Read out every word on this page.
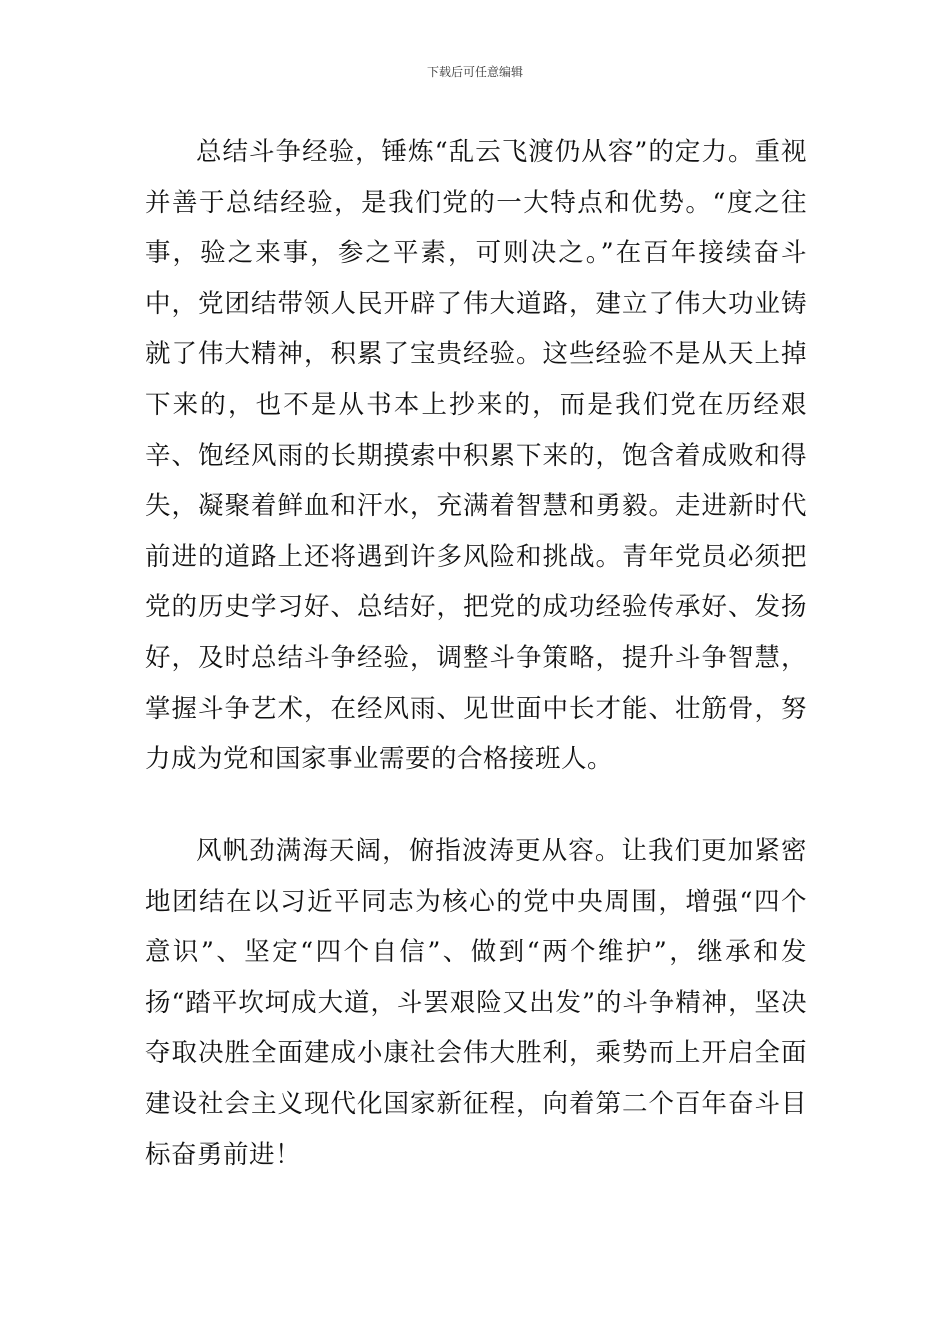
下载后可任意编辑

总结斗争经验，锤炼“乱云飞渡仍从容”的定力。重视并善于总结经验，是我们党的一大特点和优势。“度之往事，验之来事，参之平素，可则决之。”在百年接续奋斗中，党团结带领人民开辟了伟大道路，建立了伟大功业铸就了伟大精神，积累了宝贵经验。这些经验不是从天上掉下来的，也不是从书本上抄来的，而是我们党在历经艰辛、饱经风雨的长期摸索中积累下来的，饱含着成败和得失，凝聚着鲜血和汗水，充满着智慧和勇毅。走进新时代前进的道路上还将遇到许多风险和挑战。青年党员必须把党的历史学习好、总结好，把党的成功经验传承好、发扬好，及时总结斗争经验，调整斗争策略，提升斗争智慧，掌握斗争艺术，在经风雨、见世面中长才能、壮筋骨，努力成为党和国家事业需要的合格接班人。

风帆劲满海天阔，俯指波涛更从容。让我们更加紧密地团结在以习近平同志为核心的党中央周围，增强“四个意识”、坚定“四个自信”、做到“两个维护”，继承和发扬“踏平坎坷成大道，斗罢艰险又出发”的斗争精神，坚决夺取决胜全面建成小康社会伟大胜利，乘势而上开启全面建设社会主义现代化国家新征程，向着第二个百年奋斗目标奋勇前进！
